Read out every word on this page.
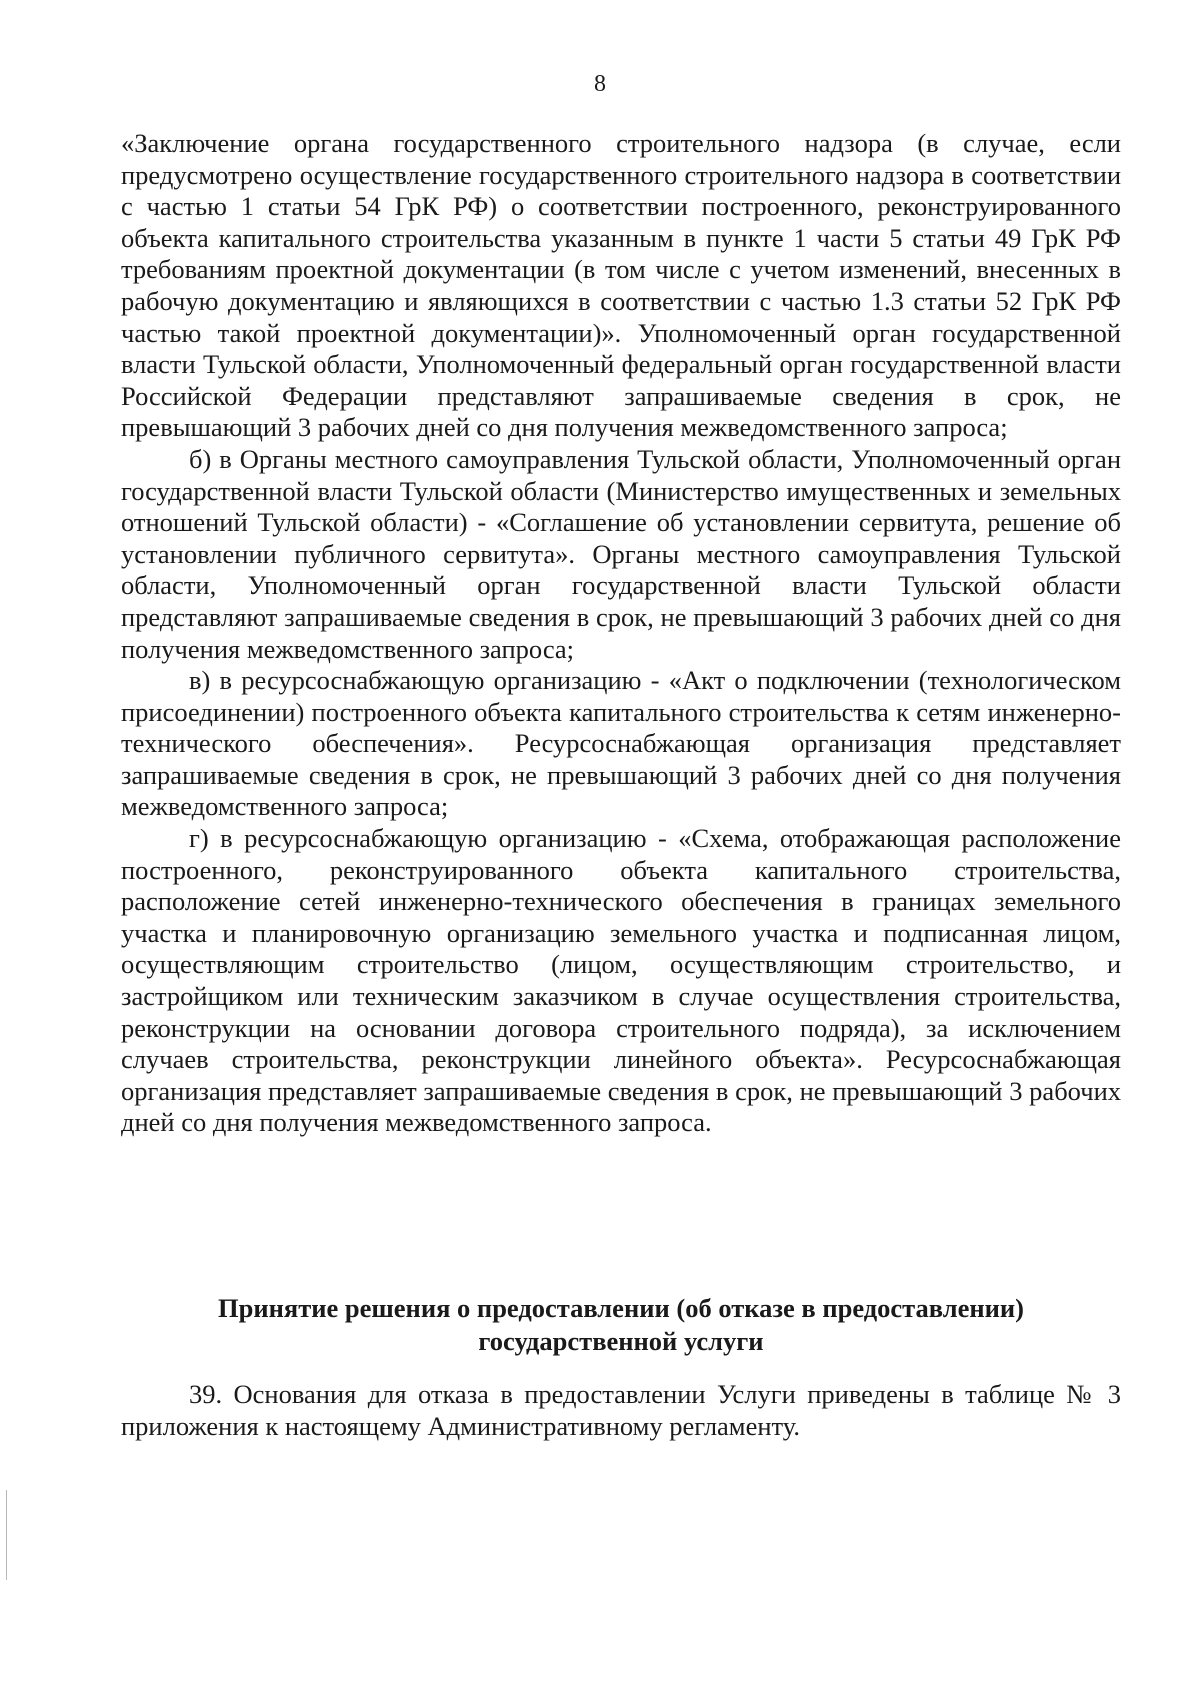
8

«Заключение органа государственного строительного надзора (в случае, если предусмотрено осуществление государственного строительного надзора в соответствии с частью 1 статьи 54 ГрК РФ) о соответствии построенного, реконструированного объекта капитального строительства указанным в пункте 1 части 5 статьи 49 ГрК РФ требованиям проектной документации (в том числе с учетом изменений, внесенных в рабочую документацию и являющихся в соответствии с частью 1.3 статьи 52 ГрК РФ частью такой проектной документации)». Уполномоченный орган государственной власти Тульской области, Уполномоченный федеральный орган государственной власти Российской Федерации представляют запрашиваемые сведения в срок, не превышающий 3 рабочих дней со дня получения межведомственного запроса;

б) в Органы местного самоуправления Тульской области, Уполномоченный орган государственной власти Тульской области (Министерство имущественных и земельных отношений Тульской области) - «Соглашение об установлении сервитута, решение об установлении публичного сервитута». Органы местного самоуправления Тульской области, Уполномоченный орган государственной власти Тульской области представляют запрашиваемые сведения в срок, не превышающий 3 рабочих дней со дня получения межведомственного запроса;

в) в ресурсоснабжающую организацию - «Акт о подключении (технологическом присоединении) построенного объекта капитального строительства к сетям инженерно-технического обеспечения». Ресурсоснабжающая организация представляет запрашиваемые сведения в срок, не превышающий 3 рабочих дней со дня получения межведомственного запроса;

г) в ресурсоснабжающую организацию - «Схема, отображающая расположение построенного, реконструированного объекта капитального строительства, расположение сетей инженерно-технического обеспечения в границах земельного участка и планировочную организацию земельного участка и подписанная лицом, осуществляющим строительство (лицом, осуществляющим строительство, и застройщиком или техническим заказчиком в случае осуществления строительства, реконструкции на основании договора строительного подряда), за исключением случаев строительства, реконструкции линейного объекта». Ресурсоснабжающая организация представляет запрашиваемые сведения в срок, не превышающий 3 рабочих дней со дня получения межведомственного запроса.

Принятие решения о предоставлении (об отказе в предоставлении) государственной услуги

39. Основания для отказа в предоставлении Услуги приведены в таблице № 3 приложения к настоящему Административному регламенту.
